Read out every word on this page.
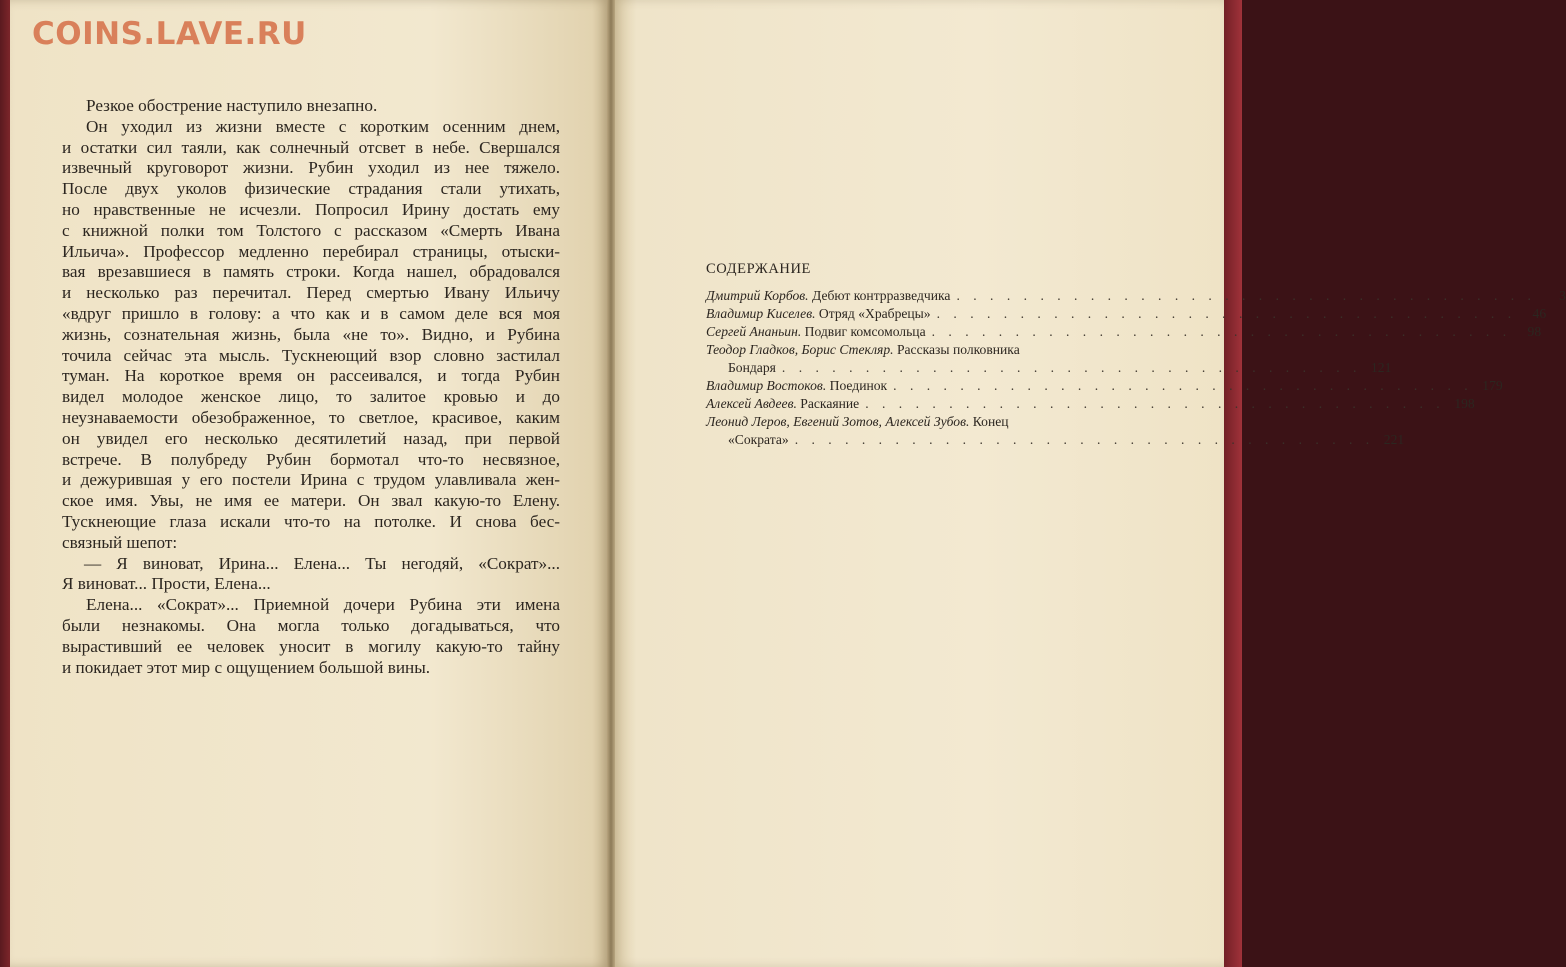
COINS.LAVE.RU
Резкое обострение наступило внезапно.
Он уходил из жизни вместе с коротким осенним днем,
и остатки сил таяли, как солнечный отсвет в небе. Свершался
извечный круговорот жизни. Рубин уходил из нее тяжело.
После двух уколов физические страдания стали утихать,
но нравственные не исчезли. Попросил Ирину достать ему
с книжной полки том Толстого с рассказом «Смерть Ивана
Ильича». Профессор медленно перебирал страницы, отыски-
вая врезавшиеся в память строки. Когда нашел, обрадовался
и несколько раз перечитал. Перед смертью Ивану Ильичу
«вдруг пришло в голову: а что как и в самом деле вся моя
жизнь, сознательная жизнь, была «не то». Видно, и Рубина
точила сейчас эта мысль. Тускнеющий взор словно застилал
туман. На короткое время он рассеивался, и тогда Рубин
видел молодое женское лицо, то залитое кровью и до
неузнаваемости обезображенное, то светлое, красивое, каким
он увидел его несколько десятилетий назад, при первой
встрече. В полубреду Рубин бормотал что-то несвязное,
и дежурившая у его постели Ирина с трудом улавливала жен-
ское имя. Увы, не имя ее матери. Он звал какую-то Елену.
Тускнеющие глаза искали что-то на потолке. И снова бес-
связный шепот:
— Я виноват, Ирина... Елена... Ты негодяй, «Сократ»...
Я виноват... Прости, Елена...
Елена... «Сократ»... Приемной дочери Рубина эти имена
были незнакомы. Она могла только догадываться, что
вырастивший ее человек уносит в могилу какую-то тайну
и покидает этот мир с ощущением большой вины.
СОДЕРЖАНИЕ
Дмитрий Корбов.
Дебют контрразведчика . . . . . . . . . . . . . . . . . . . . . . . . . . . . . . . . . . .	3
Владимир Киселев.
Отряд «Храбрецы» . . . . . . . . . . . . . . . . . . . . . . . . . . . . . . . . . . .	46
Сергей Ананьин.
Подвиг комсомольца . . . . . . . . . . . . . . . . . . . . . . . . . . . . . . . . . . .	98
Теодор Гладков, Борис Стекляр.
Рассказы полковника
Бондаря . . . . . . . . . . . . . . . . . . . . . . . . . . . . . . . . . . . 121
Владимир Востоков.
Поединок . . . . . . . . . . . . . . . . . . . . . . . . . . . . . . . . . . . 179
Алексей Авдеев.
Раскаяние . . . . . . . . . . . . . . . . . . . . . . . . . . . . . . . . . . . 198
Леонид Леров, Евгений Зотов, Алексей Зубов.
Конец
«Сократа» . . . . . . . . . . . . . . . . . . . . . . . . . . . . . . . . . . . 221
